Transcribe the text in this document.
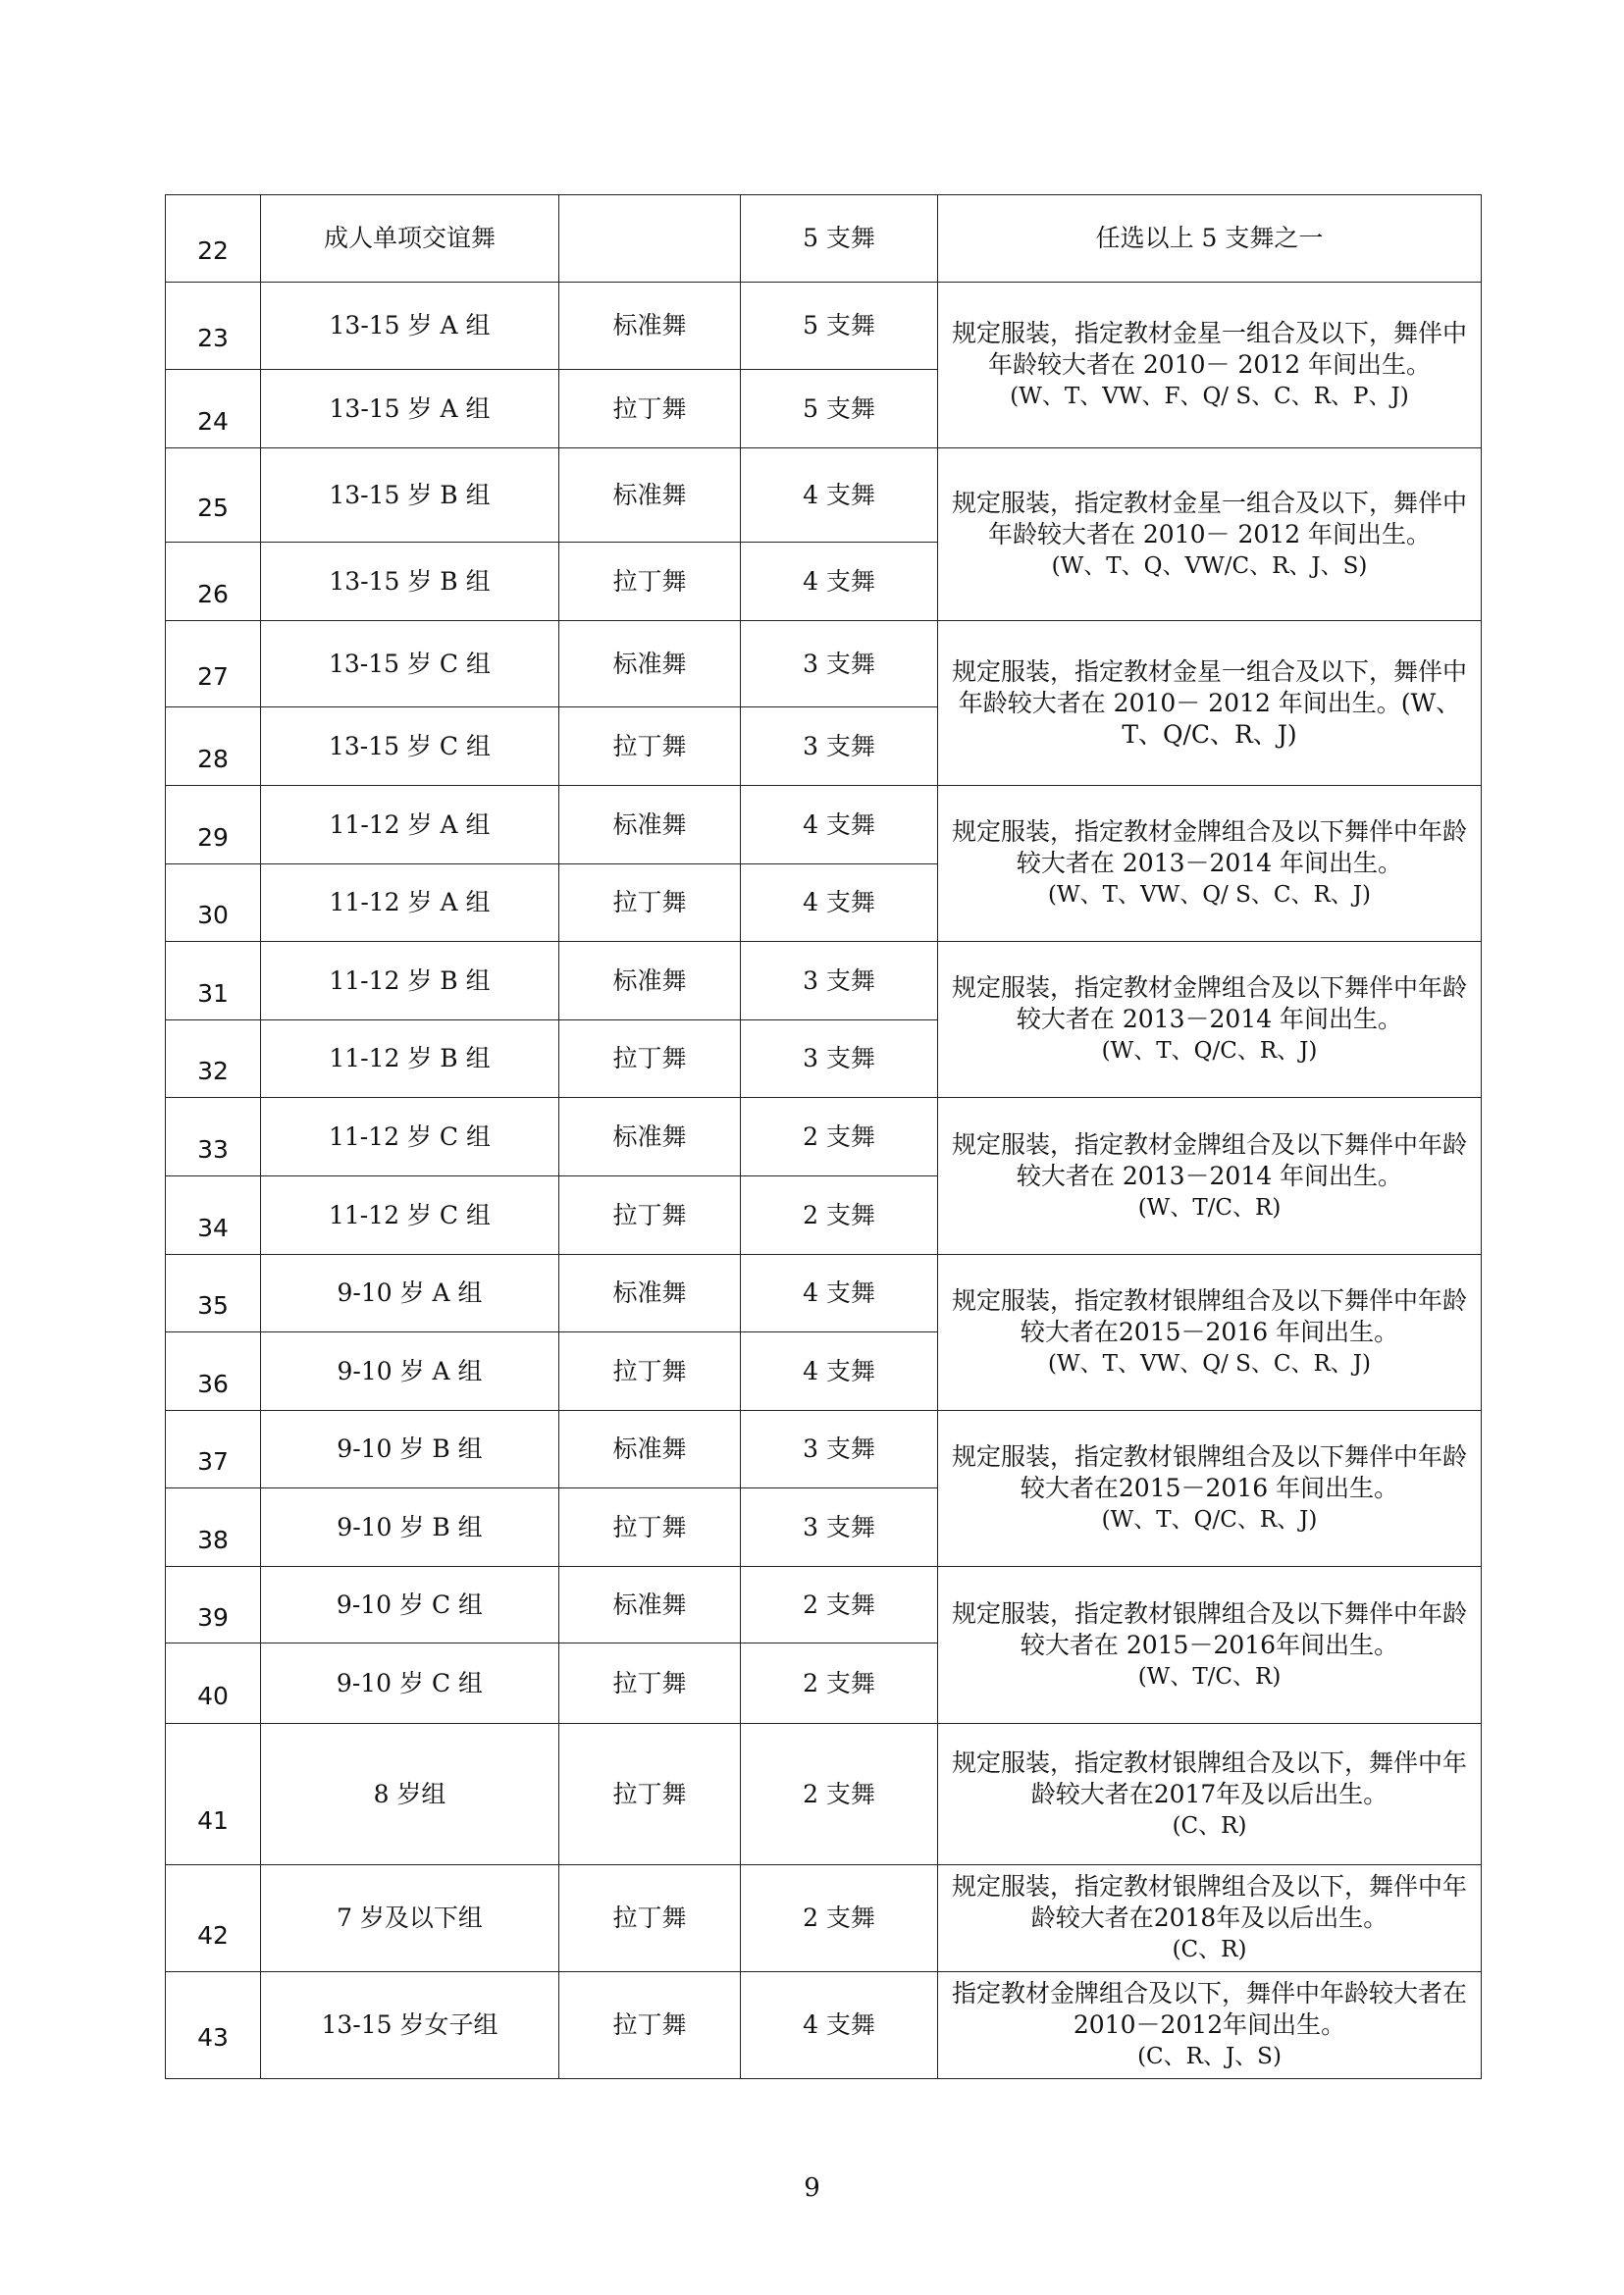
22	成人单项交谊舞		5 支舞	任选以上 5 支舞之一
23	13-15 岁 A 组	标准舞	5 支舞	规定服装，指定教材金星一组合及以下，舞伴中年龄较大者在 2010－ 2012 年间出生。
(W、T、VW、F、Q/ S、C、R、P、J)

24	13-15 岁 A 组	拉丁舞	5 支舞	
25	13-15 岁 B 组	标准舞	4 支舞	规定服装，指定教材金星一组合及以下，舞伴中年龄较大者在 2010－ 2012 年间出生。
(W、T、Q、VW/C、R、J、S)

26	13-15 岁 B 组	拉丁舞	4 支舞	
27	13-15 岁 C 组	标准舞	3 支舞	规定服装，指定教材金星一组合及以下，舞伴中年龄较大者在 2010－ 2012 年间出生。(W、T、Q/C、R、J)

28	13-15 岁 C 组	拉丁舞	3 支舞	
29	11-12 岁 A 组	标准舞	4 支舞	规定服装，指定教材金牌组合及以下舞伴中年龄较大者在 2013－2014 年间出生。
(W、T、VW、Q/ S、C、R、J)

30	11-12 岁 A 组	拉丁舞	4 支舞	
31	11-12 岁 B 组	标准舞	3 支舞	规定服装，指定教材金牌组合及以下舞伴中年龄较大者在 2013－2014 年间出生。
(W、T、Q/C、R、J)

32	11-12 岁 B 组	拉丁舞	3 支舞	
33	11-12 岁 C 组	标准舞	2 支舞	规定服装，指定教材金牌组合及以下舞伴中年龄较大者在 2013－2014 年间出生。
(W、T/C、R)

34	11-12 岁 C 组	拉丁舞	2 支舞	
35	9-10 岁 A 组	标准舞	4 支舞	规定服装，指定教材银牌组合及以下舞伴中年龄较大者在2015－2016 年间出生。
(W、T、VW、Q/ S、C、R、J)

36	9-10 岁 A 组	拉丁舞	4 支舞	
37	9-10 岁 B 组	标准舞	3 支舞	规定服装，指定教材银牌组合及以下舞伴中年龄较大者在2015－2016 年间出生。
(W、T、Q/C、R、J)

38	9-10 岁 B 组	拉丁舞	3 支舞	
39	9-10 岁 C 组	标准舞	2 支舞	规定服装，指定教材银牌组合及以下舞伴中年龄较大者在 2015－2016年间出生。
(W、T/C、R)

40	9-10 岁 C 组	拉丁舞	2 支舞	
41	8 岁组	拉丁舞	2 支舞	规定服装，指定教材银牌组合及以下，舞伴中年龄较大者在2017年及以后出生。
(C、R)

42	7 岁及以下组	拉丁舞	2 支舞	规定服装，指定教材银牌组合及以下，舞伴中年龄较大者在2018年及以后出生。
(C、R)

43	13-15 岁女子组	拉丁舞	4 支舞	指定教材金牌组合及以下，舞伴中年龄较大者在 2010－2012年间出生。
(C、R、J、S)
9
